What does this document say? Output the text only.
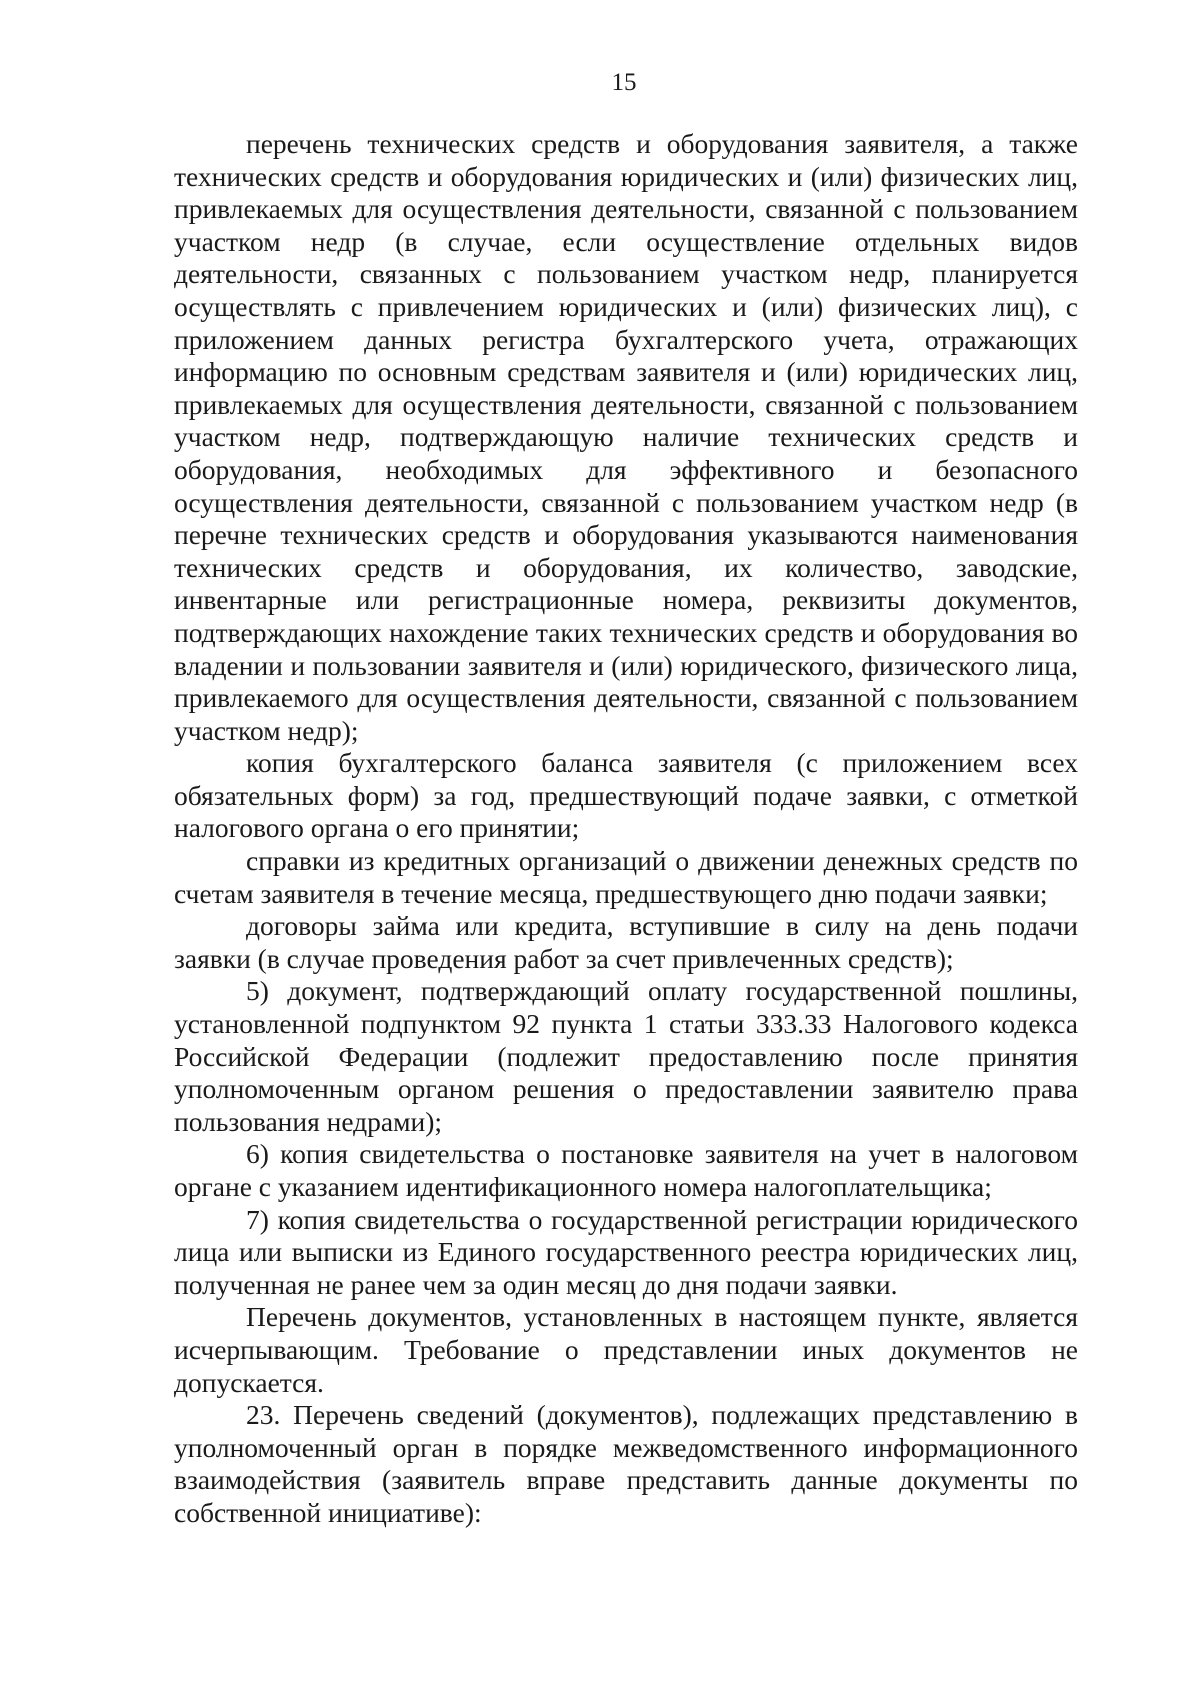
15

перечень технических средств и оборудования заявителя, а также технических средств и оборудования юридических и (или) физических лиц, привлекаемых для осуществления деятельности, связанной с пользованием участком недр (в случае, если осуществление отдельных видов деятельности, связанных с пользованием участком недр, планируется осуществлять с привлечением юридических и (или) физических лиц), с приложением данных регистра бухгалтерского учета, отражающих информацию по основным средствам заявителя и (или) юридических лиц, привлекаемых для осуществления деятельности, связанной с пользованием участком недр, подтверждающую наличие технических средств и оборудования, необходимых для эффективного и безопасного осуществления деятельности, связанной с пользованием участком недр (в перечне технических средств и оборудования указываются наименования технических средств и оборудования, их количество, заводские, инвентарные или регистрационные номера, реквизиты документов, подтверждающих нахождение таких технических средств и оборудования во владении и пользовании заявителя и (или) юридического, физического лица, привлекаемого для осуществления деятельности, связанной с пользованием участком недр);

копия бухгалтерского баланса заявителя (с приложением всех обязательных форм) за год, предшествующий подаче заявки, с отметкой налогового органа о его принятии;

справки из кредитных организаций о движении денежных средств по счетам заявителя в течение месяца, предшествующего дню подачи заявки;

договоры займа или кредита, вступившие в силу на день подачи заявки (в случае проведения работ за счет привлеченных средств);

5) документ, подтверждающий оплату государственной пошлины, установленной подпунктом 92 пункта 1 статьи 333.33 Налогового кодекса Российской Федерации (подлежит предоставлению после принятия уполномоченным органом решения о предоставлении заявителю права пользования недрами);

6) копия свидетельства о постановке заявителя на учет в налоговом органе с указанием идентификационного номера налогоплательщика;

7) копия свидетельства о государственной регистрации юридического лица или выписки из Единого государственного реестра юридических лиц, полученная не ранее чем за один месяц до дня подачи заявки.

Перечень документов, установленных в настоящем пункте, является исчерпывающим. Требование о представлении иных документов не допускается.

23. Перечень сведений (документов), подлежащих представлению в уполномоченный орган в порядке межведомственного информационного взаимодействия (заявитель вправе представить данные документы по собственной инициативе):
